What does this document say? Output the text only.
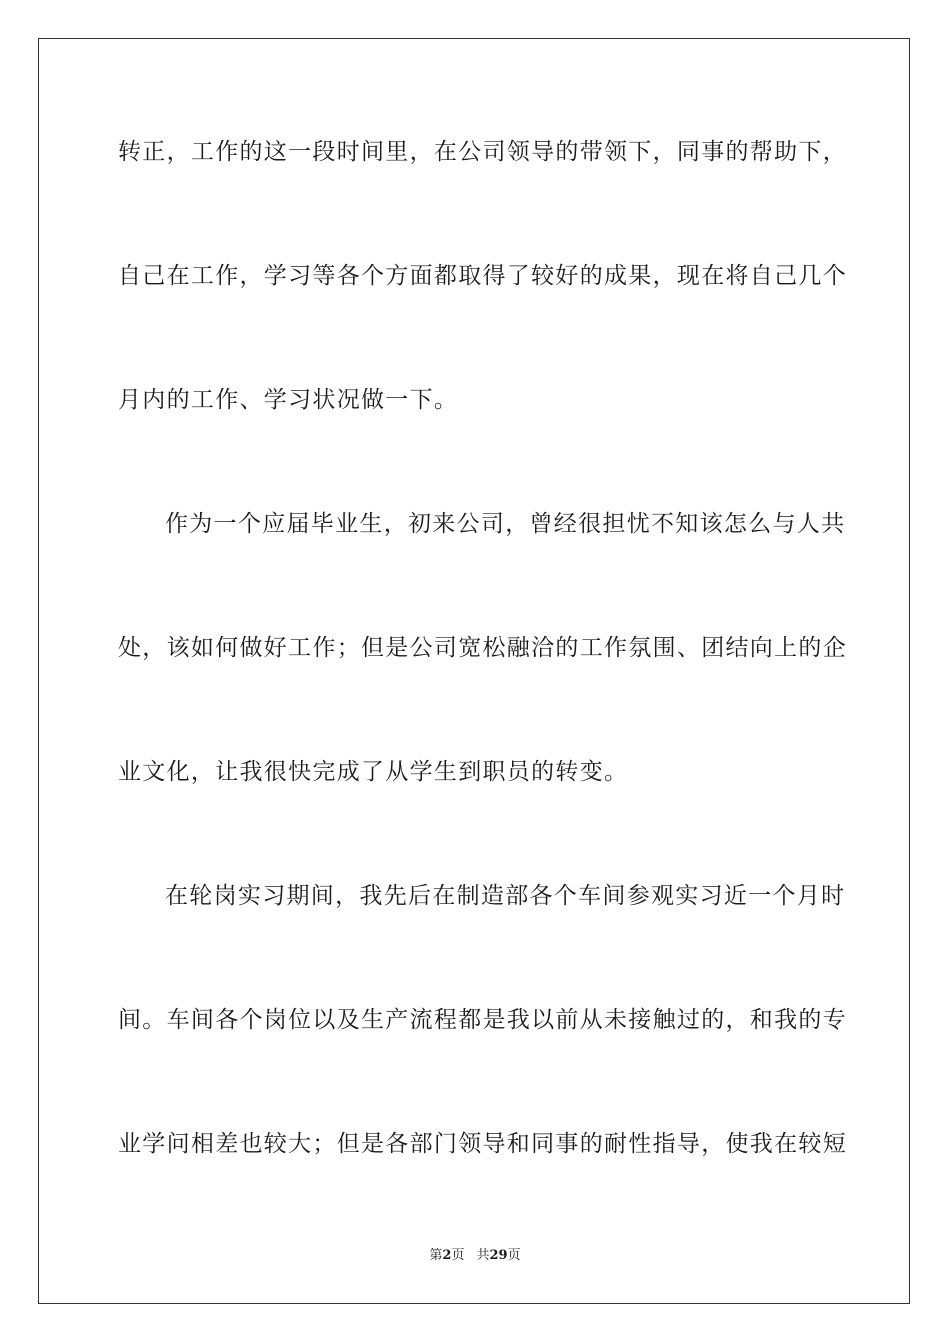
转正，工作的这一段时间里，在公司领导的带领下，同事的帮助下，
自己在工作，学习等各个方面都取得了较好的成果，现在将自己几个
月内的工作、学习状况做一下。
作为一个应届毕业生，初来公司，曾经很担忧不知该怎么与人共
处，该如何做好工作；但是公司宽松融洽的工作氛围、团结向上的企
业文化，让我很快完成了从学生到职员的转变。
在轮岗实习期间，我先后在制造部各个车间参观实习近一个月时
间。车间各个岗位以及生产流程都是我以前从未接触过的，和我的专
业学问相差也较大；但是各部门领导和同事的耐性指导，使我在较短
第2页 共29页
